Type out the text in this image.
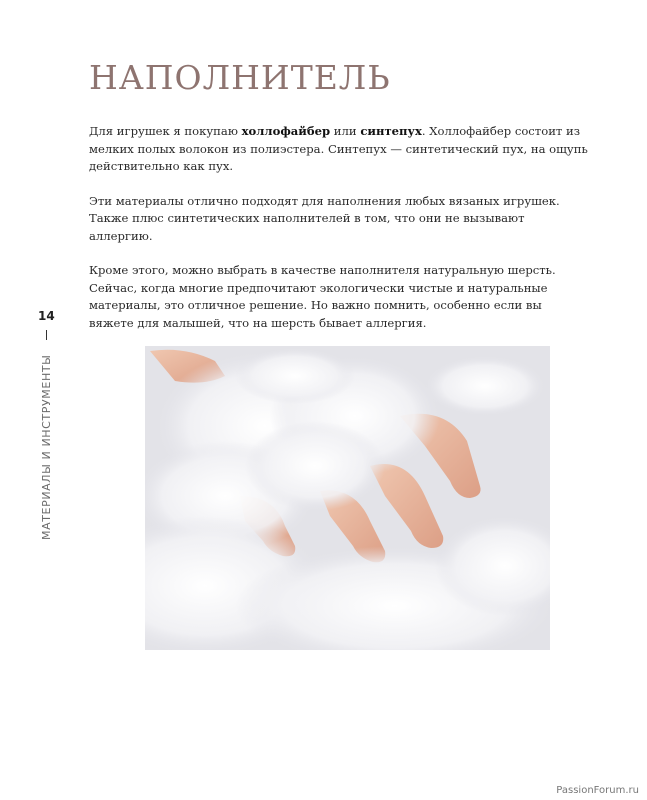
НАПОЛНИТЕЛЬ

Для игрушек я покупаю холлофайбер или синтепух. Холлофайбер состоит из мелких полых волокон из полиэстера. Синтепух — синтетический пух, на ощупь действительно как пух.

Эти материалы отлично подходят для наполнения любых вязаных игрушек. Также плюс синтетических наполнителей в том, что они не вызывают аллергию.

Кроме этого, можно выбрать в качестве наполнителя натуральную шерсть. Сейчас, когда многие предпочитают экологически чистые и натуральные материалы, это отличное решение. Но важно помнить, особенно если вы вяжете для малышей, что на шерсть бывает аллергия.

14
МАТЕРИАЛЫ И ИНСТРУМЕНТЫ
PassionForum.ru
